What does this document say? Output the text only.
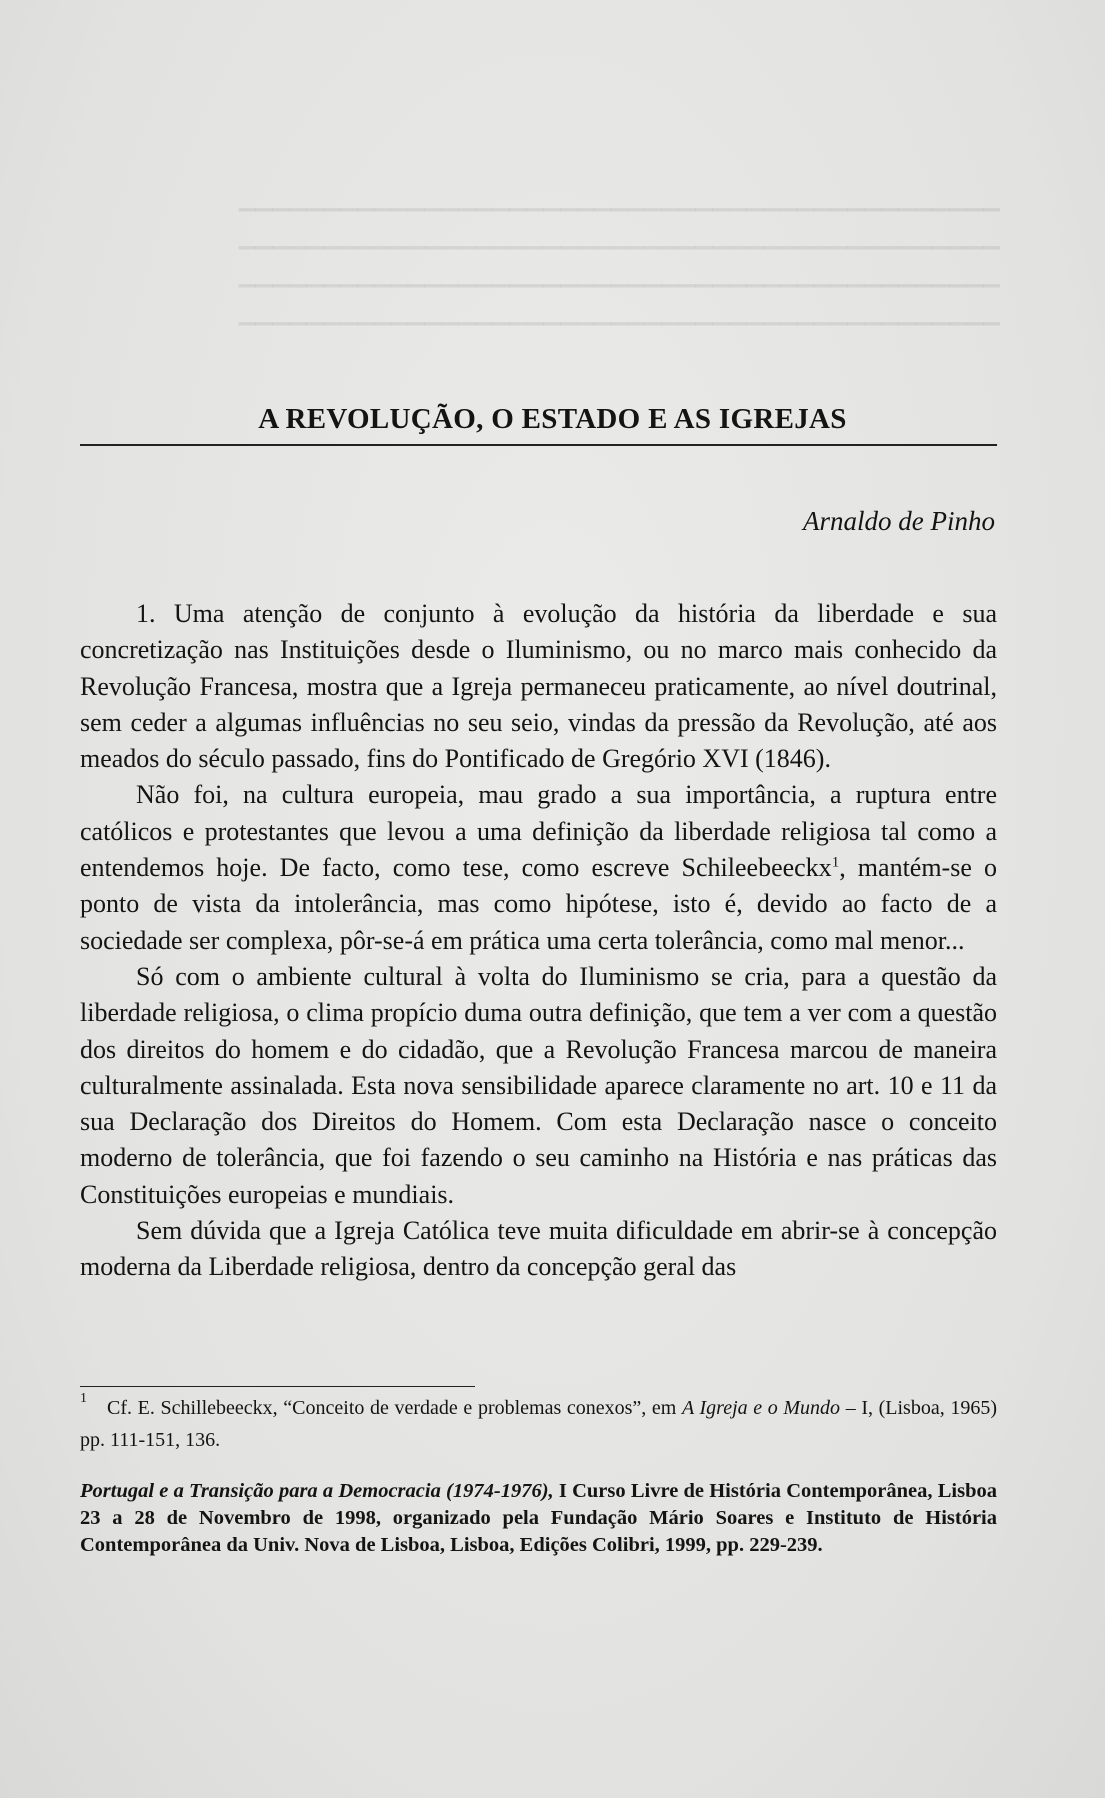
▁▁▁▁▁▁▁▁▁▁▁▁▁▁▁▁▁▁▁▁▁▁▁▁▁▁▁▁▁▁▁▁▁▁▁▁▁▁▁▁▁▁▁▁▁
▁▁▁▁▁▁▁▁▁▁▁▁▁▁▁▁▁▁▁▁▁▁▁▁▁▁▁▁▁▁▁▁▁▁▁▁▁▁▁▁▁▁▁▁▁
▁▁▁▁▁▁▁▁▁▁▁▁▁▁▁▁▁▁▁▁▁▁▁▁▁▁▁▁▁▁▁▁▁▁▁▁▁▁▁▁▁▁▁▁▁
▁▁▁▁▁▁▁▁▁▁▁▁▁▁▁▁▁▁▁▁▁▁▁▁▁▁▁▁▁▁▁▁▁▁▁▁▁▁▁▁▁▁▁▁▁
A REVOLUÇÃO, O ESTADO E AS IGREJAS
Arnaldo de Pinho

1. Uma atenção de conjunto à evolução da história da liberdade e sua concretização nas Instituições desde o Iluminismo, ou no marco mais conhecido da Revolução Francesa, mostra que a Igreja permaneceu praticamente, ao nível doutrinal, sem ceder a algumas influências no seu seio, vindas da pressão da Revolução, até aos meados do século passado, fins do Pontificado de Gregório XVI (1846).

Não foi, na cultura europeia, mau grado a sua importância, a ruptura entre católicos e protestantes que levou a uma definição da liberdade religiosa tal como a entendemos hoje. De facto, como tese, como escreve Schileebeeckx$^1$, mantém-se o ponto de vista da intolerância, mas como hipótese, isto é, devido ao facto de a sociedade ser complexa, pôr-se-á em prática uma certa tolerância, como mal menor...

Só com o ambiente cultural à volta do Iluminismo se cria, para a questão da liberdade religiosa, o clima propício duma outra definição, que tem a ver com a questão dos direitos do homem e do cidadão, que a Revolução Francesa marcou de maneira culturalmente assinalada. Esta nova sensibilidade aparece claramente no art. 10 e 11 da sua Declaração dos Direitos do Homem. Com esta Declaração nasce o conceito moderno de tolerância, que foi fazendo o seu caminho na História e nas práticas das Constituições europeias e mundiais.

Sem dúvida que a Igreja Católica teve muita dificuldade em abrir-se à concepção moderna da Liberdade religiosa, dentro da concepção geral das

1 Cf. E. Schillebeeckx, “Conceito de verdade e problemas conexos”, em A Igreja e o Mundo – I, (Lisboa, 1965) pp. 111-151, 136.
Portugal e a Transição para a Democracia (1974-1976), I Curso Livre de História Contemporânea, Lisboa 23 a 28 de Novembro de 1998, organizado pela Fundação Mário Soares e Instituto de História Contemporânea da Univ. Nova de Lisboa, Lisboa, Edições Colibri, 1999, pp. 229-239.
